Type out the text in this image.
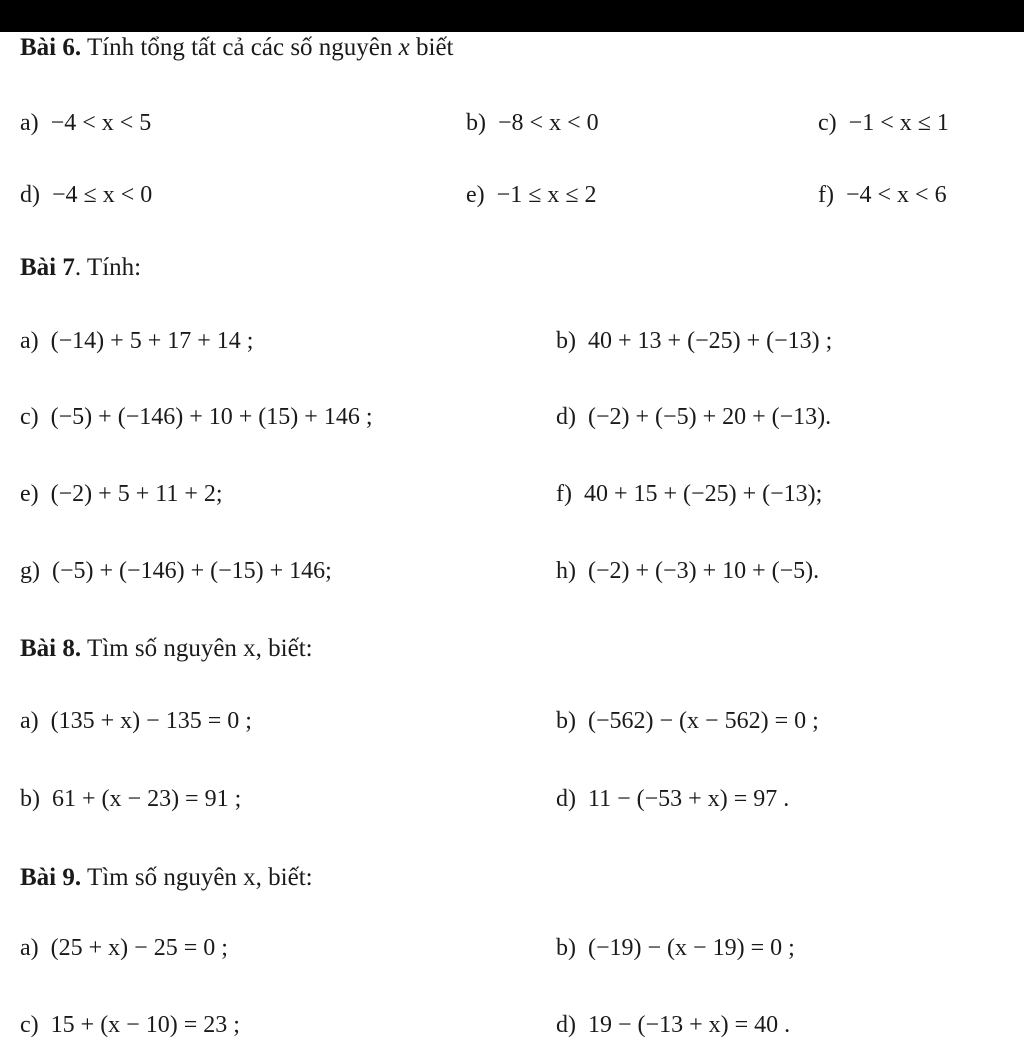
Bài 6. Tính tổng tất cả các số nguyên x biết
a) −4 < x < 5	b) −8 < x < 0	c) −1 < x ≤ 1
d) −4 ≤ x < 0	e) −1 ≤ x ≤ 2	f) −4 < x < 6
Bài 7. Tính:
a) (−14) + 5 + 17 + 14 ;	b) 40 + 13 + (−25) + (−13) ;
c) (−5) + (−146) + 10 + (15) + 146 ;	d) (−2) + (−5) + 20 + (−13).
e) (−2) + 5 + 11 + 2;	f) 40 + 15 + (−25) + (−13);
g) (−5) + (−146) + (−15) + 146;	h) (−2) + (−3) + 10 + (−5).
Bài 8. Tìm số nguyên x, biết:
a) (135 + x) − 135 = 0 ;	b) (−562) − (x − 562) = 0 ;
b) 61 + (x − 23) = 91 ;	d) 11 − (−53 + x) = 97 .
Bài 9. Tìm số nguyên x, biết:
a) (25 + x) − 25 = 0 ;	b) (−19) − (x − 19) = 0 ;
c) 15 + (x − 10) = 23 ;	d) 19 − (−13 + x) = 40 .
